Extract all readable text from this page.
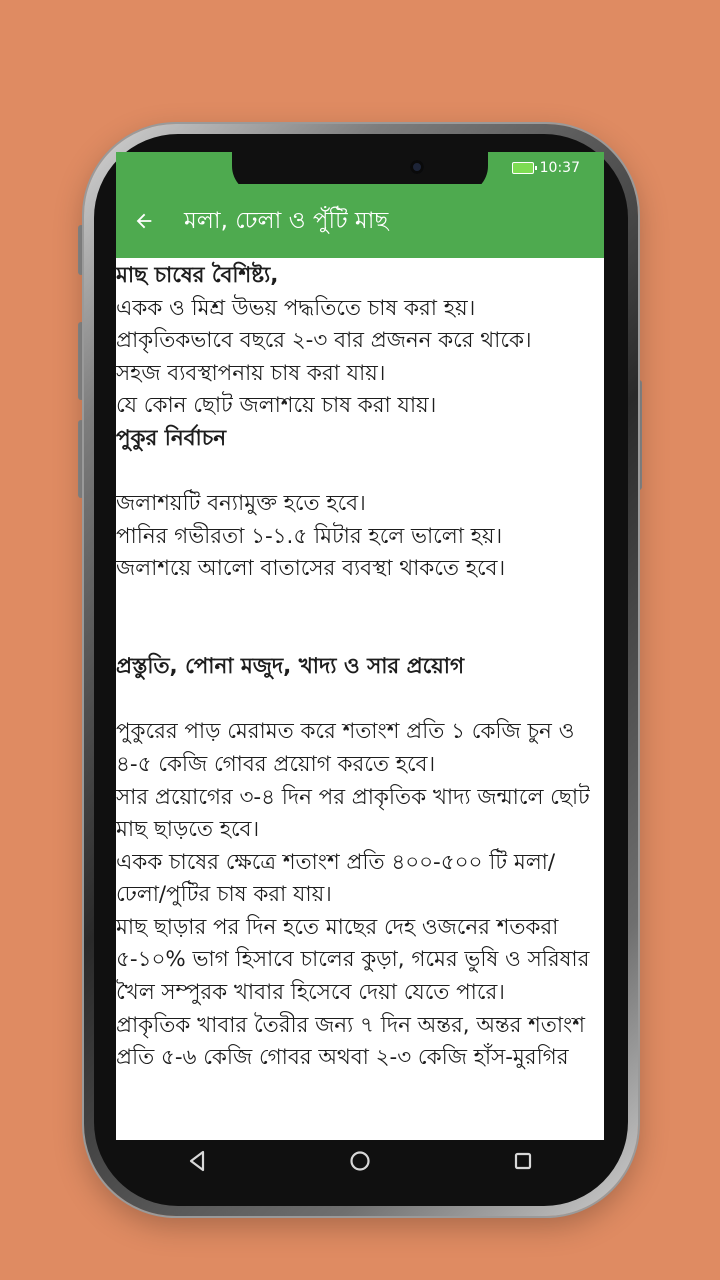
10:37
মলা, ঢেলা ও পুঁটি মাছ
মাছ চাষের বৈশিষ্ট্য,
একক ও মিশ্র উভয় পদ্ধতিতে চাষ করা হয়।
প্রাকৃতিকভাবে বছরে ২-৩ বার প্রজনন করে থাকে।
সহজ ব্যবস্থাপনায় চাষ করা যায়।
যে কোন ছোট জলাশয়ে চাষ করা যায়।
পুকুর নির্বাচন
জলাশয়টি বন্যামুক্ত হতে হবে।
পানির গভীরতা ১-১.৫ মিটার হলে ভালো হয়।
জলাশয়ে আলো বাতাসের ব্যবস্থা থাকতে হবে।
প্রস্তুতি, পোনা মজুদ, খাদ্য ও সার প্রয়োগ
পুকুরের পাড় মেরামত করে শতাংশ প্রতি ১ কেজি চুন ও ৪-৫ কেজি গোবর প্রয়োগ করতে হবে।
সার প্রয়োগের ৩-৪ দিন পর প্রাকৃতিক খাদ্য জন্মালে ছোট মাছ ছাড়তে হবে।
একক চাষের ক্ষেত্রে শতাংশ প্রতি ৪০০-৫০০ টি মলা/ঢেলা/পুটির চাষ করা যায়।
মাছ ছাড়ার পর দিন হতে মাছের দেহ ওজনের শতকরা ৫-১০% ভাগ হিসাবে চালের কুড়া, গমের ভুষি ও সরিষার খৈল সম্পুরক খাবার হিসেবে দেয়া যেতে পারে।
প্রাকৃতিক খাবার তৈরীর জন্য ৭ দিন অন্তর, অন্তর শতাংশ প্রতি ৫-৬ কেজি গোবর অথবা ২-৩ কেজি হাঁস-মুরগির
